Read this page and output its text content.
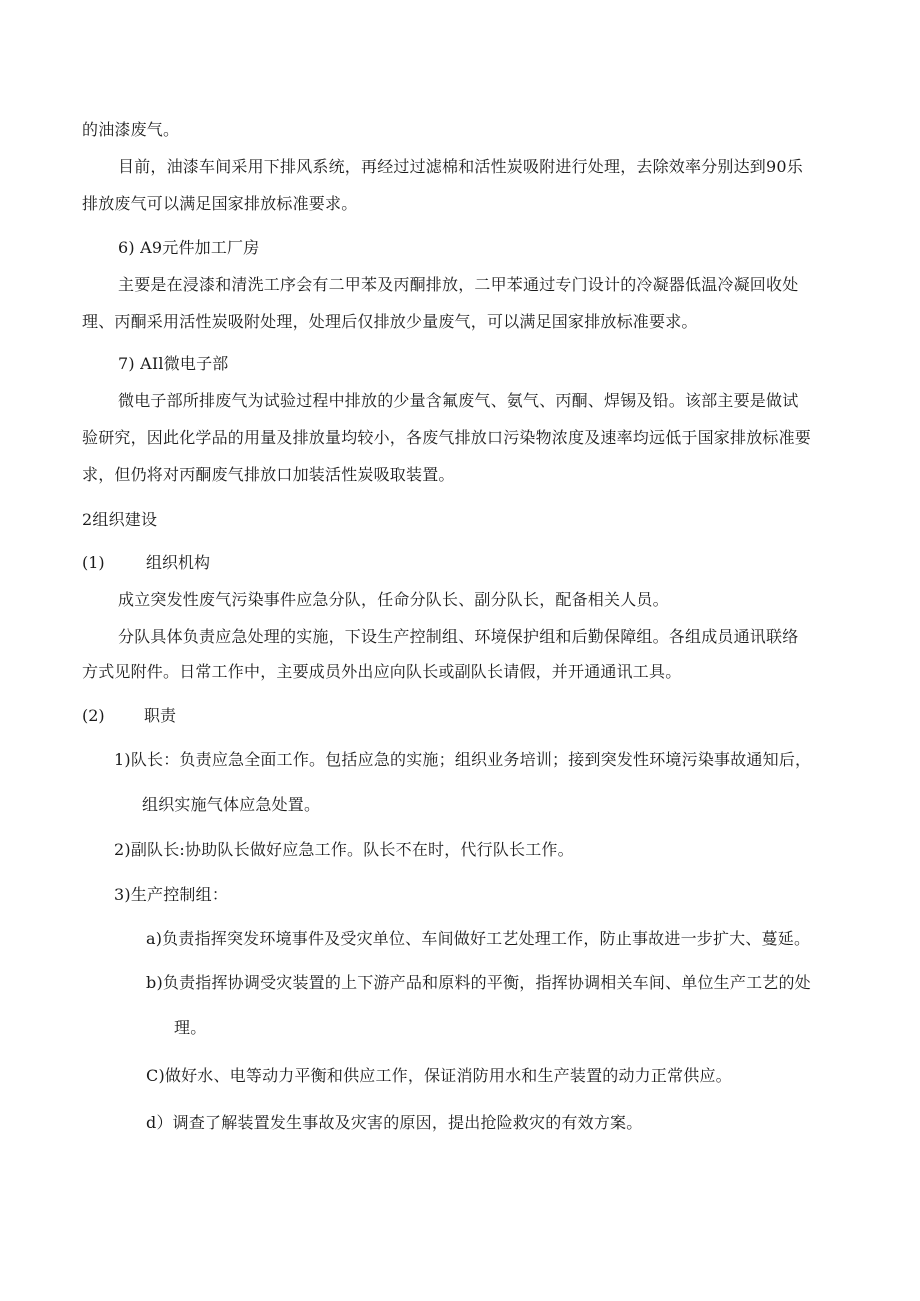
的油漆废气。
目前，油漆车间采用下排风系统，再经过过滤棉和活性炭吸附进行处理，去除效率分别达到90乐
排放废气可以满足国家排放标准要求。
6) A9元件加工厂房
主要是在浸漆和清洗工序会有二甲苯及丙酮排放，二甲苯通过专门设计的冷凝器低温冷凝回收处
理、丙酮采用活性炭吸附处理，处理后仅排放少量废气，可以满足国家排放标准要求。
7) AIl微电子部
微电子部所排废气为试验过程中排放的少量含氟废气、氨气、丙酮、焊锡及铅。该部主要是做试
验研究，因此化学品的用量及排放量均较小，各废气排放口污染物浓度及速率均远低于国家排放标准要
求，但仍将对丙酮废气排放口加装活性炭吸取装置。
2组织建设
(1)	组织机构
成立突发性废气污染事件应急分队，任命分队长、副分队长，配备相关人员。
分队具体负责应急处理的实施，下设生产控制组、环境保护组和后勤保障组。各组成员通讯联络
方式见附件。日常工作中，主要成员外出应向队长或副队长请假，并开通通讯工具。
(2) 职责
1)队长：负责应急全面工作。包括应急的实施；组织业务培训；接到突发性环境污染事故通知后，
组织实施气体应急处置。
2)副队长:协助队长做好应急工作。队长不在时，代行队长工作。
3)生产控制组：
a)负责指挥突发环境事件及受灾单位、车间做好工艺处理工作，防止事故进一步扩大、蔓延。
b)负责指挥协调受灾装置的上下游产品和原料的平衡，指挥协调相关车间、单位生产工艺的处
理。
C)做好水、电等动力平衡和供应工作，保证消防用水和生产装置的动力正常供应。
d）调查了解装置发生事故及灾害的原因，提出抢险救灾的有效方案。
